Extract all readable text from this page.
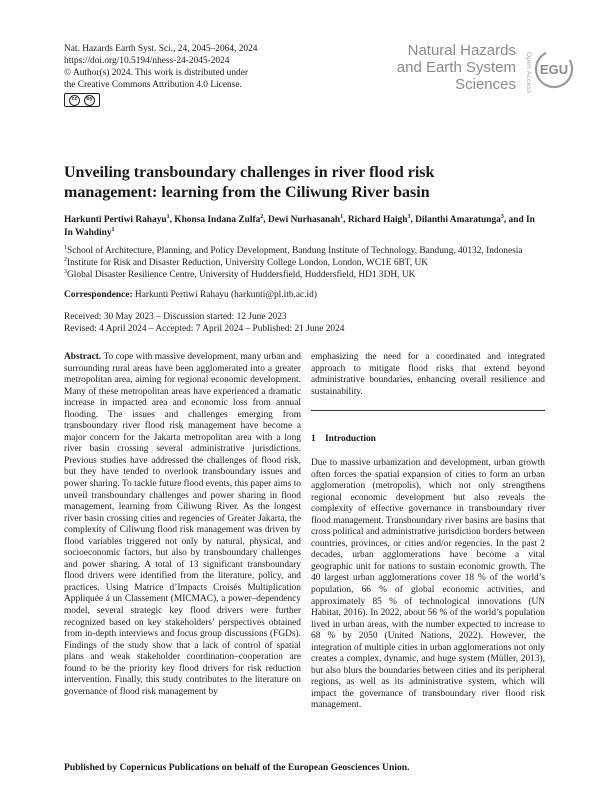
Nat. Hazards Earth Syst. Sci., 24, 2045–2064, 2024
https://doi.org/10.5194/nhess-24-2045-2024
© Author(s) 2024. This work is distributed under
the Creative Commons Attribution 4.0 License.
cc	by
Natural Hazards
and Earth System
Sciences	Open Access EGU
Unveiling transboundary challenges in river flood risk
management: learning from the Ciliwung River basin
Harkunti Pertiwi Rahayu$^1$, Khonsa Indana Zulfa$^2$, Dewi Nurhasanah$^1$, Richard Haigh$^3$, Dilanthi Amaratunga$^3$, and In In Wahdiny$^1$
$^1$School of Architecture, Planning, and Policy Development, Bandung Institute of Technology, Bandung, 40132, Indonesia
$^2$Institute for Risk and Disaster Reduction, University College London, London, WC1E 6BT, UK
$^3$Global Disaster Resilience Centre, University of Huddersfield, Huddersfield, HD1 3DH, UK
Correspondence: Harkunti Pertiwi Rahayu (harkunti@pl.itb.ac.id)
Received: 30 May 2023 – Discussion started: 12 June 2023
Revised: 4 April 2024 – Accepted: 7 April 2024 – Published: 21 June 2024
Abstract. To cope with massive development, many urban and surrounding rural areas have been agglomerated into a greater metropolitan area, aiming for regional economic development. Many of these metropolitan areas have experienced a dramatic increase in impacted area and economic loss from annual flooding. The issues and challenges emerging from transboundary river flood risk management have become a major concern for the Jakarta metropolitan area with a long river basin crossing several administrative jurisdictions. Previous studies have addressed the challenges of flood risk, but they have tended to overlook transboundary issues and power sharing. To tackle future flood events, this paper aims to unveil transboundary challenges and power sharing in flood management, learning from Ciliwung River. As the longest river basin crossing cities and regencies of Greater Jakarta, the complexity of Ciliwung flood risk management was driven by flood variables triggered not only by natural, physical, and socioeconomic factors, but also by transboundary challenges and power sharing. A total of 13 significant transboundary flood drivers were identified from the literature, policy, and practices. Using Matrice d’Impacts Croisés Multiplication Appliquée á un Classement (MICMAC), a power–dependency model, several strategic key flood drivers were further recognized based on key stakeholders’ perspectives obtained from in-depth interviews and focus group discussions (FGDs). Findings of the study show that a lack of control of spatial plans and weak stakeholder coordination–cooperation are found to be the priority key flood drivers for risk reduction intervention. Finally, this study contributes to the literature on governance of flood risk management by
emphasizing the need for a coordinated and integrated approach to mitigate flood risks that extend beyond administrative boundaries, enhancing overall resilience and sustainability.
1 Introduction
Due to massive urbanization and development, urban growth often forces the spatial expansion of cities to form an urban agglomeration (metropolis), which not only strengthens regional economic development but also reveals the complexity of effective governance in transboundary river flood management. Transboundary river basins are basins that cross political and administrative jurisdiction borders between countries, provinces, or cities and/or regencies. In the past 2 decades, urban agglomerations have become a vital geographic unit for nations to sustain economic growth. The 40 largest urban agglomerations cover 18 % of the world’s population, 66 % of global economic activities, and approximately 85 % of technological innovations (UN Habitat, 2016). In 2022, about 56 % of the world’s population lived in urban areas, with the number expected to increase to 68 % by 2050 (United Nations, 2022). However, the integration of multiple cities in urban agglomerations not only creates a complex, dynamic, and huge system (Müller, 2013), but also blurs the boundaries between cities and its peripheral regions, as well as its administrative system, which will impact the governance of transboundary river flood risk management.
Published by Copernicus Publications on behalf of the European Geosciences Union.
